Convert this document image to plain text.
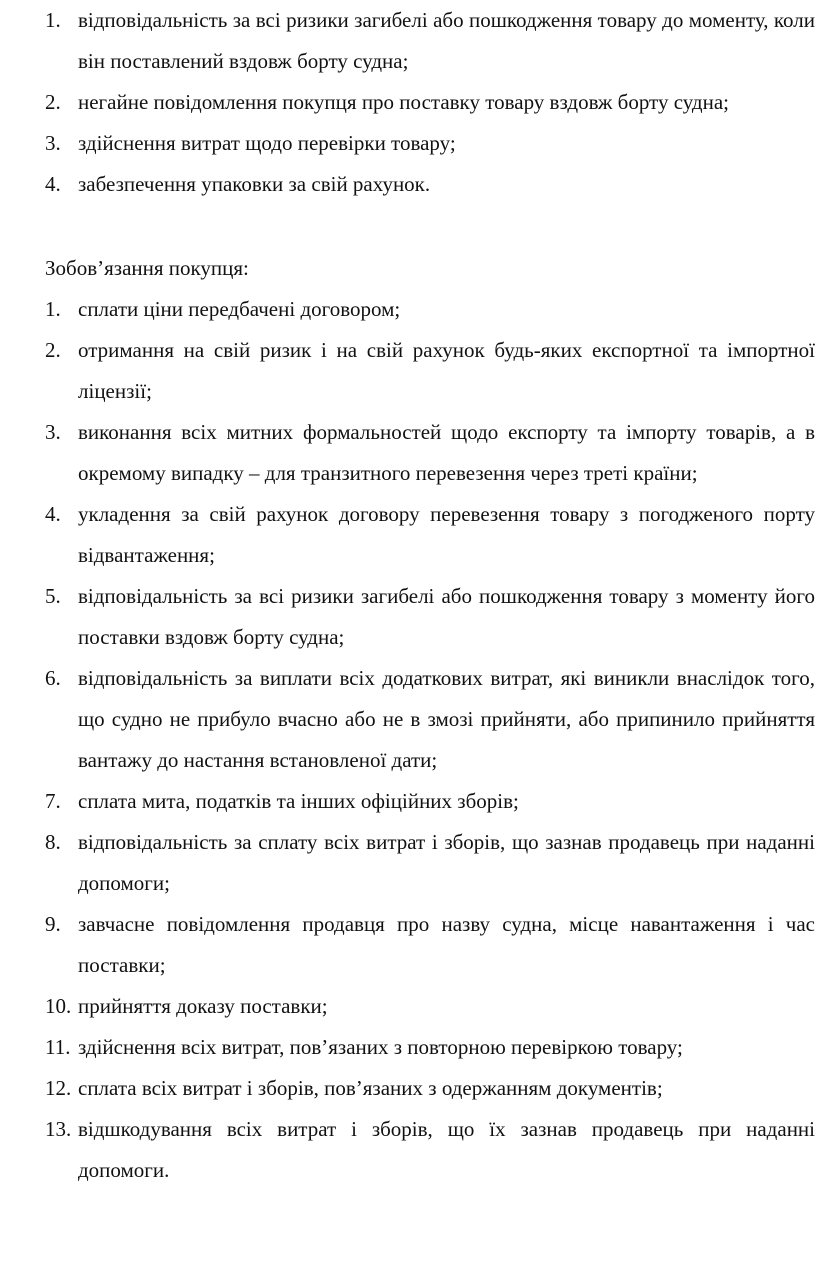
1. відповідальність за всі ризики загибелі або пошкодження товару до моменту, коли він поставлений вздовж борту судна;
2. негайне повідомлення покупця про поставку товару вздовж борту судна;
3. здійснення витрат щодо перевірки товару;
4. забезпечення упаковки за свій рахунок.

Зобов’язання покупця:

1. сплати ціни передбачені договором;
2. отримання на свій ризик і на свій рахунок будь-яких експортної та імпортної ліцензії;
3. виконання всіх митних формальностей щодо експорту та імпорту товарів, а в окремому випадку – для транзитного перевезення через треті країни;
4. укладення за свій рахунок договору перевезення товару з погодженого порту відвантаження;
5. відповідальність за всі ризики загибелі або пошкодження товару з моменту його поставки вздовж борту судна;
6. відповідальність за виплати всіх додаткових витрат, які виникли внаслідок того, що судно не прибуло вчасно або не в змозі прийняти, або припинило прийняття вантажу до настання встановленої дати;
7. сплата мита, податків та інших офіційних зборів;
8. відповідальність за сплату всіх витрат і зборів, що зазнав продавець при наданні допомоги;
9. завчасне повідомлення продавця про назву судна, місце навантаження і час поставки;
10. прийняття доказу поставки;
11. здійснення всіх витрат, пов’язаних з повторною перевіркою товару;
12. сплата всіх витрат і зборів, пов’язаних з одержанням документів;
13. відшкодування всіх витрат і зборів, що їх зазнав продавець при наданні допомоги.
